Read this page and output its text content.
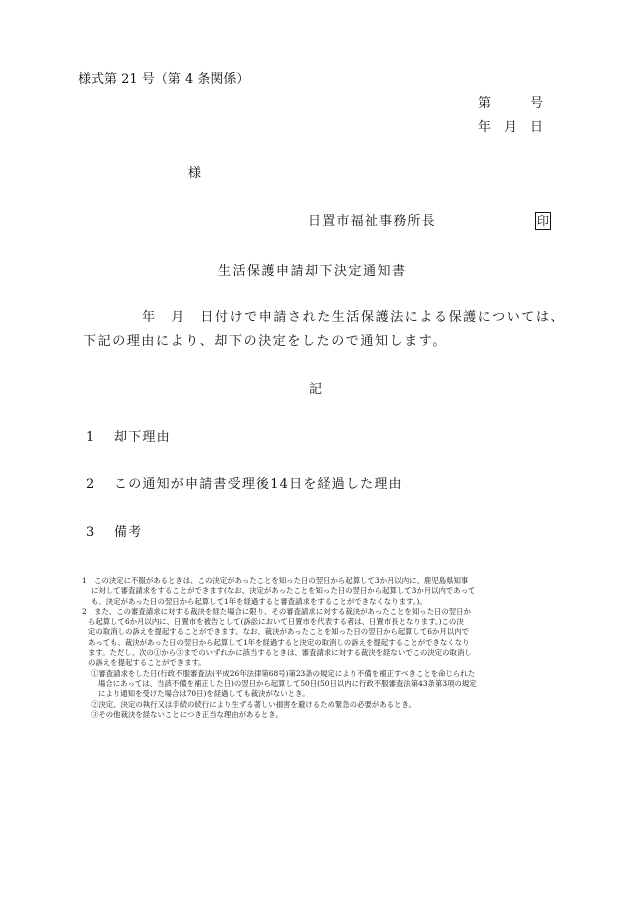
様式第 21 号（第 4 条関係）
第　　　号
年　月　日
様
日置市福祉事務所長	印
生活保護申請却下決定通知書
年　月　日付けで申請された生活保護法による保護については、
下記の理由により、却下の決定をしたので通知します。
記
1 却下理由
2 この通知が申請書受理後14日を経過した理由
3 備考
1　この決定に不服があるときは、この決定があったことを知った日の翌日から起算して3か月以内に、鹿児島県知事
に対して審査請求をすることができます(なお、決定があったことを知った日の翌日から起算して3か月以内であって
も、決定があった日の翌日から起算して1年を経過すると審査請求をすることができなくなります。)。
2　また、この審査請求に対する裁決を経た場合に限り、その審査請求に対する裁決があったことを知った日の翌日か
ら起算して6か月以内に、日置市を被告として(訴訟において日置市を代表する者は、日置市長となります。)この決
定の取消しの訴えを提起することができます。なお、裁決があったことを知った日の翌日から起算して6か月以内で
あっても、裁決があった日の翌日から起算して1年を経過すると決定の取消しの訴えを提起することができなくなり
ます。ただし、次の①から③までのいずれかに該当するときは、審査請求に対する裁決を経ないでこの決定の取消し
の訴えを提起することができます。
①審査請求をした日(行政不服審査法(平成26年法律第68号)第23条の規定により不備を補正すべきことを命じられた
場合にあっては、当該不備を補正した日)の翌日から起算して50日(50日以内に行政不服審査法第43条第3項の規定
により通知を受けた場合は70日)を経過しても裁決がないとき。
②決定、決定の執行又は手続の続行により生ずる著しい損害を避けるため緊急の必要があるとき。
③その他裁決を経ないことにつき正当な理由があるとき。
